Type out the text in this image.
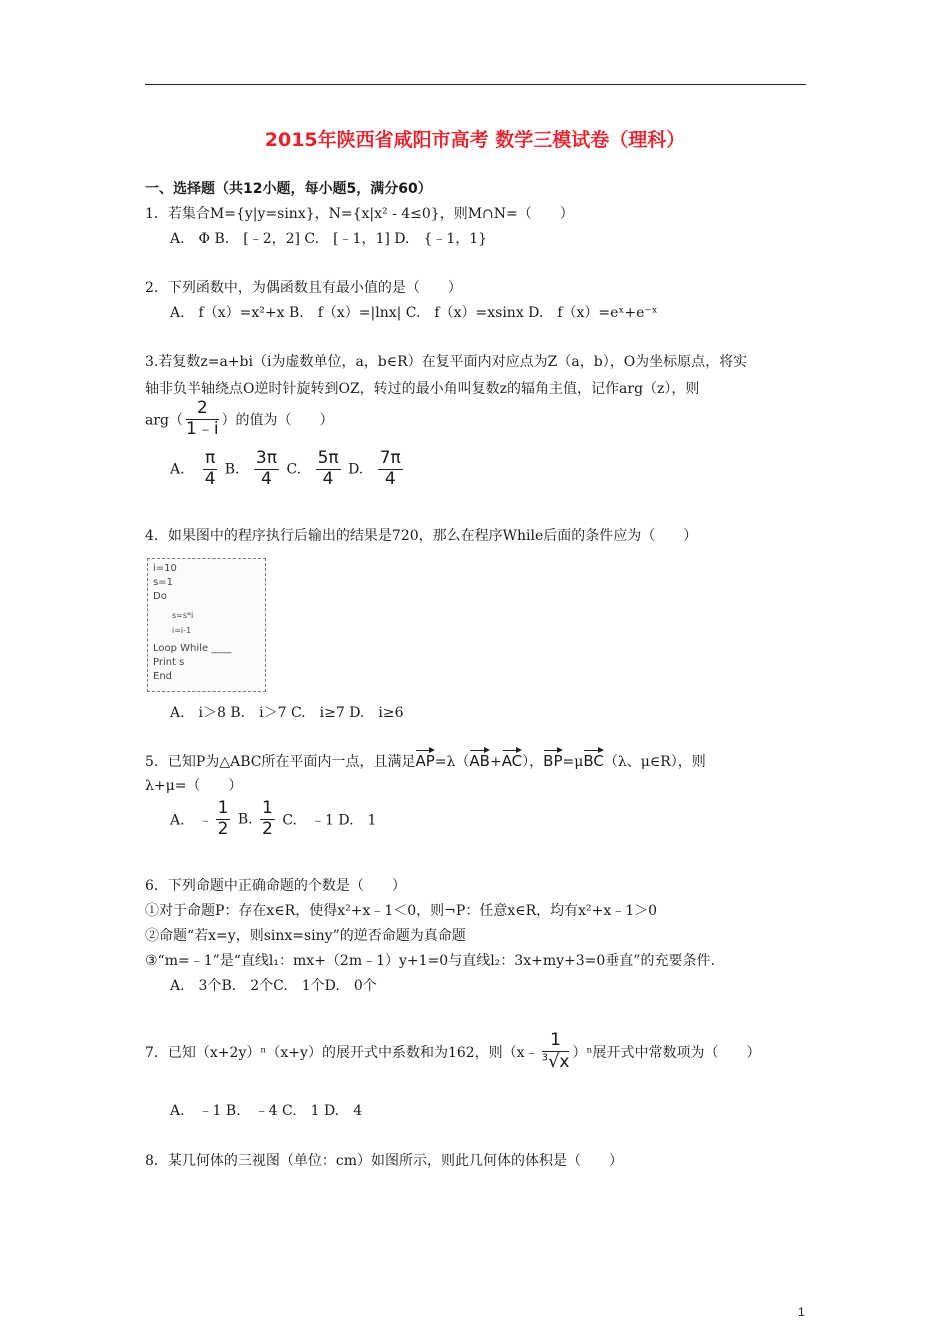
2015年陕西省咸阳市高考 数学三模试卷（理科）
一、选择题（共12小题，每小题5，满分60）
1．若集合M={y|y=sinx}，N={x|x² - 4≤0}，则M∩N=（　　）
A.　Φ B.　[﹣2，2] C.　[﹣1，1] D.　{﹣1，1}
2．下列函数中，为偶函数且有最小值的是（　　）
A.　f（x）=x²+x B.　f（x）=|lnx| C.　f（x）=xsinx D.　f（x）=eˣ+e⁻ˣ
3.若复数z=a+bi（i为虚数单位，a，b∈R）在复平面内对应点为Z（a，b），O为坐标原点，将实
轴非负半轴绕点O逆时针旋转到OZ，转过的最小角叫复数z的辐角主值，记作arg（z），则
$arg( \frac{2}{1﹣i}$ ）的值为（　　）
A. $\frac{\pi}{4} B$. $\frac{3\pi}{4} C$. $\frac{5\pi}{4} D$. $\frac{7\pi}{4}$
4．如果图中的程序执行后输出的结果是720，那么在程序While后面的条件应为（　　）
i=10
s=1
Do
s=s*i
i=i-1
Loop While ____
Print s
End
A.　i＞8 B.　i＞7 C.　i≥7 D.　i≥6
5．已知P为△ABC所在平面内一点，且满足AP=λ（AB+AC），BP=μBC（λ、μ∈R），则
λ+μ=（　　）
A.　﹣ $\frac{1}{2} B$. $\frac{1}{2} C$.　﹣1 D.　1
6．下列命题中正确命题的个数是（　　）
①对于命题P：存在x∈R，使得x²+x﹣1＜0，则¬P：任意x∈R，均有x²+x﹣1＞0
②命题“若x=y，则sinx=siny”的逆否命题为真命题
③“m=﹣1”是“直线l₁：mx+（2m﹣1）y+1=0与直线l₂：3x+my+3=0垂直”的充要条件.
A.　3个B.　2个C.　1个D.　0个
7．已知（x+2y）ⁿ（x+y）的展开式中系数和为162，则（x﹣ $\frac{1}{^3√x} )^n$展开式中常数项为（　　）
A.　﹣1 B.　﹣4 C.　1 D.　4
8．某几何体的三视图（单位：cm）如图所示，则此几何体的体积是（　　）
1
